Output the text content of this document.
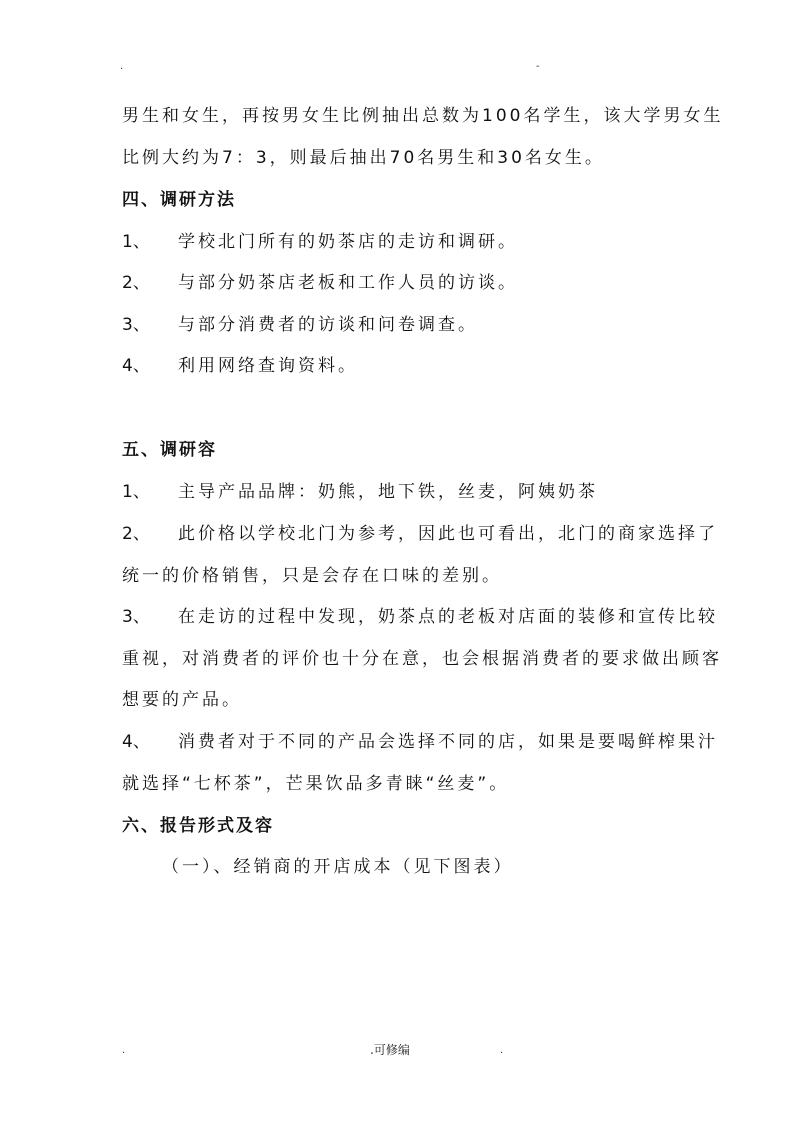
.	-
男生和女生，再按男女生比例抽出总数为100名学生，该大学男女生
比例大约为7：3，则最后抽出70名男生和30名女生。
四、调研方法
1、	学校北门所有的奶茶店的走访和调研。
2、	与部分奶茶店老板和工作人员的访谈。
3、	与部分消费者的访谈和问卷调查。
4、	利用网络查询资料。
五、调研容
1、	主导产品品牌：奶熊，地下铁，丝麦，阿姨奶茶
2、	此价格以学校北门为参考，因此也可看出，北门的商家选择了
统一的价格销售，只是会存在口味的差别。
3、	在走访的过程中发现，奶茶点的老板对店面的装修和宣传比较
重视，对消费者的评价也十分在意，也会根据消费者的要求做出顾客
想要的产品。
4、	消费者对于不同的产品会选择不同的店，如果是要喝鲜榨果汁
就选择“七杯茶”，芒果饮品多青睐“丝麦”。
六、报告形式及容
（一）、经销商的开店成本（见下图表）
.	.可修编	.
